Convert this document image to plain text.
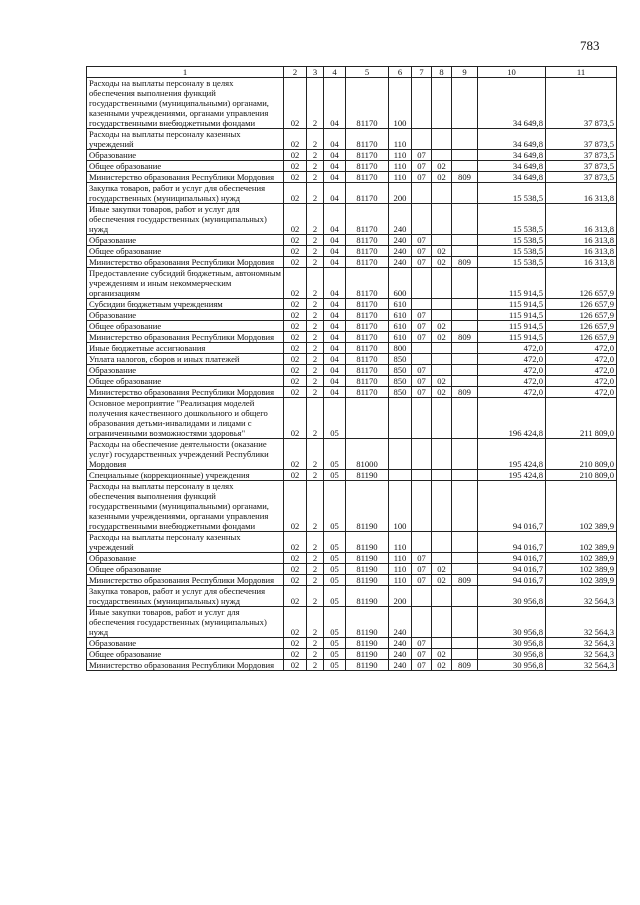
783
1	2	3	4	5	6	7	8	9	10	11
Расходы на выплаты персоналу в целях обеспечения выполнения функций государственными (муниципальными) органами, казенными учреждениями, органами управления государственными внебюджетными фондами	02	2	04	81170	100				34 649,8	37 873,5
Расходы на выплаты персоналу казенных учреждений	02	2	04	81170	110				34 649,8	37 873,5
Образование	02	2	04	81170	110	07			34 649,8	37 873,5
Общее образование	02	2	04	81170	110	07	02		34 649,8	37 873,5
Министерство образования Республики Мордовия	02	2	04	81170	110	07	02	809	34 649,8	37 873,5
Закупка товаров, работ и услуг для обеспечения государственных (муниципальных) нужд	02	2	04	81170	200				15 538,5	16 313,8
Иные закупки товаров, работ и услуг для обеспечения государственных (муниципальных) нужд	02	2	04	81170	240				15 538,5	16 313,8
Образование	02	2	04	81170	240	07			15 538,5	16 313,8
Общее образование	02	2	04	81170	240	07	02		15 538,5	16 313,8
Министерство образования Республики Мордовия	02	2	04	81170	240	07	02	809	15 538,5	16 313,8
Предоставление субсидий бюджетным, автономным учреждениям и иным некоммерческим организациям	02	2	04	81170	600				115 914,5	126 657,9
Субсидии бюджетным учреждениям	02	2	04	81170	610				115 914,5	126 657,9
Образование	02	2	04	81170	610	07			115 914,5	126 657,9
Общее образование	02	2	04	81170	610	07	02		115 914,5	126 657,9
Министерство образования Республики Мордовия	02	2	04	81170	610	07	02	809	115 914,5	126 657,9
Иные бюджетные ассигнования	02	2	04	81170	800				472,0	472,0
Уплата налогов, сборов и иных платежей	02	2	04	81170	850				472,0	472,0
Образование	02	2	04	81170	850	07			472,0	472,0
Общее образование	02	2	04	81170	850	07	02		472,0	472,0
Министерство образования Республики Мордовия	02	2	04	81170	850	07	02	809	472,0	472,0
Основное мероприятие "Реализация моделей получения качественного дошкольного и общего образования детьми-инвалидами и лицами с ограниченными возможностями здоровья"	02	2	05						196 424,8	211 809,0
Расходы на обеспечение деятельности (оказание услуг) государственных учреждений Республики Мордовия	02	2	05	81000					195 424,8	210 809,0
Специальные (коррекционные) учреждения	02	2	05	81190					195 424,8	210 809,0
Расходы на выплаты персоналу в целях обеспечения выполнения функций государственными (муниципальными) органами, казенными учреждениями, органами управления государственными внебюджетными фондами	02	2	05	81190	100				94 016,7	102 389,9
Расходы на выплаты персоналу казенных учреждений	02	2	05	81190	110				94 016,7	102 389,9
Образование	02	2	05	81190	110	07			94 016,7	102 389,9
Общее образование	02	2	05	81190	110	07	02		94 016,7	102 389,9
Министерство образования Республики Мордовия	02	2	05	81190	110	07	02	809	94 016,7	102 389,9
Закупка товаров, работ и услуг для обеспечения государственных (муниципальных) нужд	02	2	05	81190	200				30 956,8	32 564,3
Иные закупки товаров, работ и услуг для обеспечения государственных (муниципальных) нужд	02	2	05	81190	240				30 956,8	32 564,3
Образование	02	2	05	81190	240	07			30 956,8	32 564,3
Общее образование	02	2	05	81190	240	07	02		30 956,8	32 564,3
Министерство образования Республики Мордовия	02	2	05	81190	240	07	02	809	30 956,8	32 564,3
